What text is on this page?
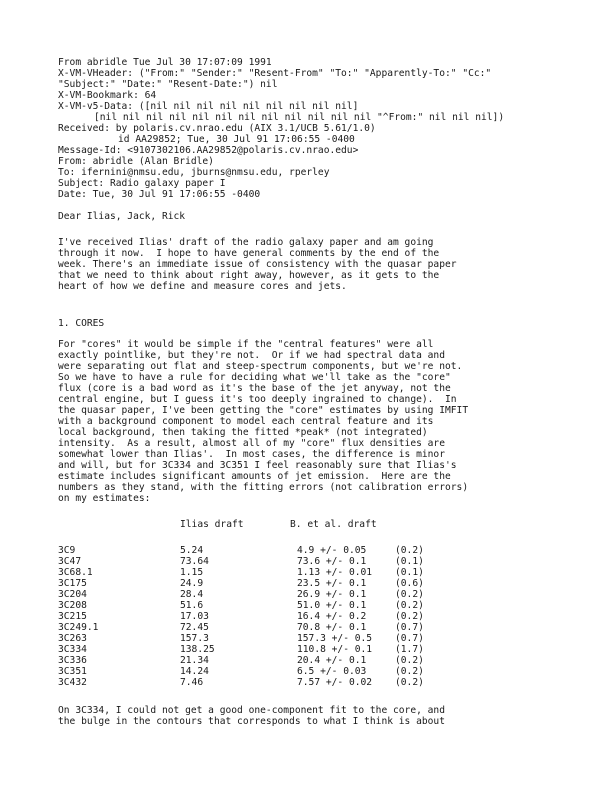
From abridle Tue Jul 30 17:07:09 1991
X-VM-VHeader: ("From:" "Sender:" "Resent-From" "To:" "Apparently-To:" "Cc:"
"Subject:" "Date:" "Resent-Date:") nil
X-VM-Bookmark: 64
X-VM-v5-Data: ([nil nil nil nil nil nil nil nil nil]
[nil nil nil nil nil nil nil nil nil nil nil nil "^From:" nil nil nil])
Received: by polaris.cv.nrao.edu (AIX 3.1/UCB 5.61/1.0)
id AA29852; Tue, 30 Jul 91 17:06:55 -0400
Message-Id: <9107302106.AA29852@polaris.cv.nrao.edu>
From: abridle (Alan Bridle)
To: ifernini@nmsu.edu, jburns@nmsu.edu, rperley
Subject: Radio galaxy paper I
Date: Tue, 30 Jul 91 17:06:55 -0400
Dear Ilias, Jack, Rick
I've received Ilias' draft of the radio galaxy paper and am going
through it now.  I hope to have general comments by the end of the
week. There's an immediate issue of consistency with the quasar paper
that we need to think about right away, however, as it gets to the
heart of how we define and measure cores and jets.
1. CORES
For "cores" it would be simple if the "central features" were all
exactly pointlike, but they're not.  Or if we had spectral data and
were separating out flat and steep-spectrum components, but we're not.
So we have to have a rule for deciding what we'll take as the "core"
flux (core is a bad word as it's the base of the jet anyway, not the
central engine, but I guess it's too deeply ingrained to change).  In
the quasar paper, I've been getting the "core" estimates by using IMFIT
with a background component to model each central feature and its
local background, then taking the fitted *peak* (not integrated)
intensity.  As a result, almost all of my "core" flux densities are
somewhat lower than Ilias'.  In most cases, the difference is minor
and will, but for 3C334 and 3C351 I feel reasonably sure that Ilias's
estimate includes significant amounts of jet emission.  Here are the
numbers as they stand, with the fitting errors (not calibration errors)
on my estimates:
Ilias draft	B. et al. draft
3C9	5.24	4.9 +/- 0.05	(0.2)
3C47	73.64	73.6 +/- 0.1	(0.1)
3C68.1	1.15	1.13 +/- 0.01 (0.1)
3C175	24.9	23.5 +/- 0.1	(0.6)
3C204	28.4	26.9 +/- 0.1	(0.2)
3C208	51.6	51.0 +/- 0.1	(0.2)
3C215	17.03	16.4 +/- 0.2	(0.2)
3C249.1	72.45	70.8 +/- 0.1	(0.7)
3C263	157.3	157.3 +/- 0.5 (0.7)
3C334	138.25	110.8 +/- 0.1 (1.7)
3C336	21.34	20.4 +/- 0.1	(0.2)
3C351	14.24	6.5 +/- 0.03	(0.2)
3C432	7.46	7.57 +/- 0.02 (0.2)
On 3C334, I could not get a good one-component fit to the core, and
the bulge in the contours that corresponds to what I think is about
